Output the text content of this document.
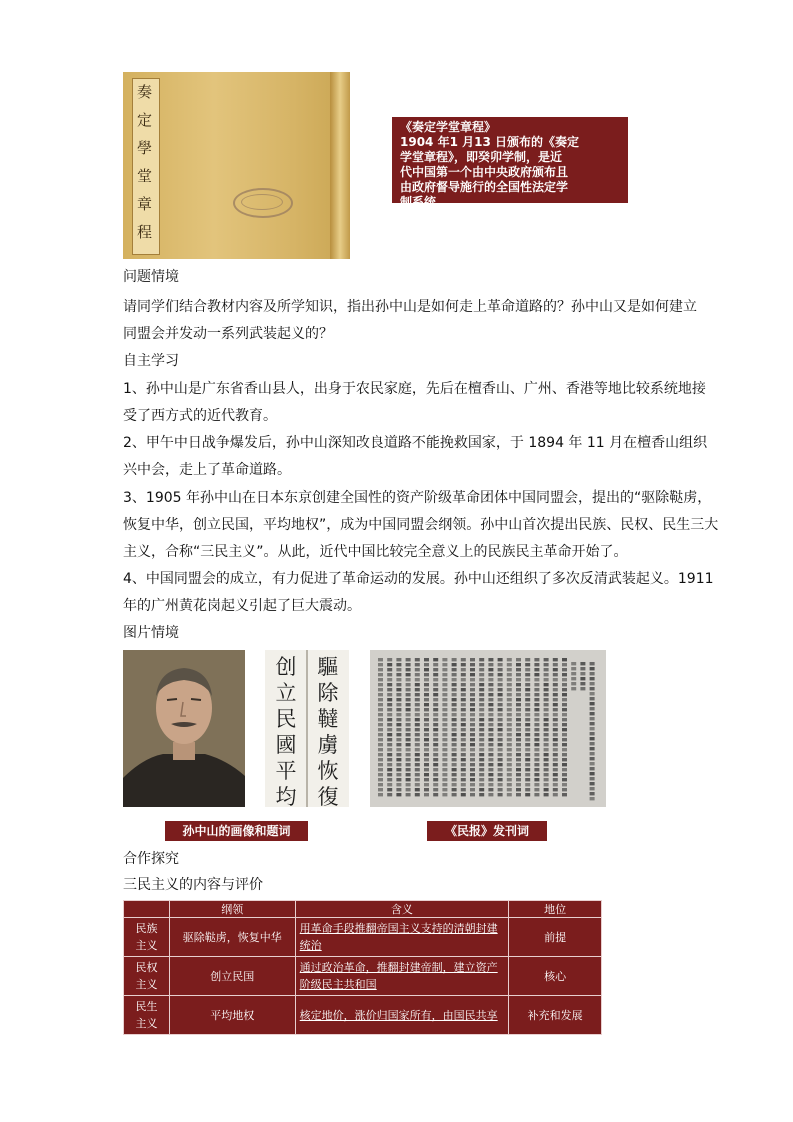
奏
定
學
堂
章
程
《奏定学堂章程》
1904 年1 月13 日颁布的《奏定
学堂章程》，即癸卯学制，是近
代中国第一个由中央政府颁布且
由政府督导施行的全国性法定学
制系统。
问题情境
请同学们结合教材内容及所学知识，指出孙中山是如何走上革命道路的？孙中山又是如何建立
同盟会并发动一系列武装起义的？
自主学习
1、孙中山是广东省香山县人，出身于农民家庭，先后在檀香山、广州、香港等地比较系统地接
受了西方式的近代教育。
2、甲午中日战争爆发后，孙中山深知改良道路不能挽救国家，于 1894 年 11 月在檀香山组织
兴中会，走上了革命道路。
3、1905 年孙中山在日本东京创建全国性的资产阶级革命团体中国同盟会，提出的“驱除鞑虏，
恢复中华，创立民国，平均地权”，成为中国同盟会纲领。孙中山首次提出民族、民权、民生三大
主义，合称“三民主义”。从此，近代中国比较完全意义上的民族民主革命开始了。
4、中国同盟会的成立，有力促进了革命运动的发展。孙中山还组织了多次反清武装起义。1911
年的广州黄花岗起义引起了巨大震动。
图片情境
创
立
民
國
平
均
驅
除
韃
虜
恢
復
孙中山的画像和题词	《民报》发刊词
合作探究
三民主义的内容与评价
	纲领	含义	地位
民族主义	驱除鞑虏，恢复中华	用革命手段推翻帝国主义支持的清朝封建统治	前提
民权主义	创立民国	通过政治革命，推翻封建帝制，建立资产阶级民主共和国	核心
民生主义	平均地权	核定地价，涨价归国家所有，由国民共享	补充和发展
